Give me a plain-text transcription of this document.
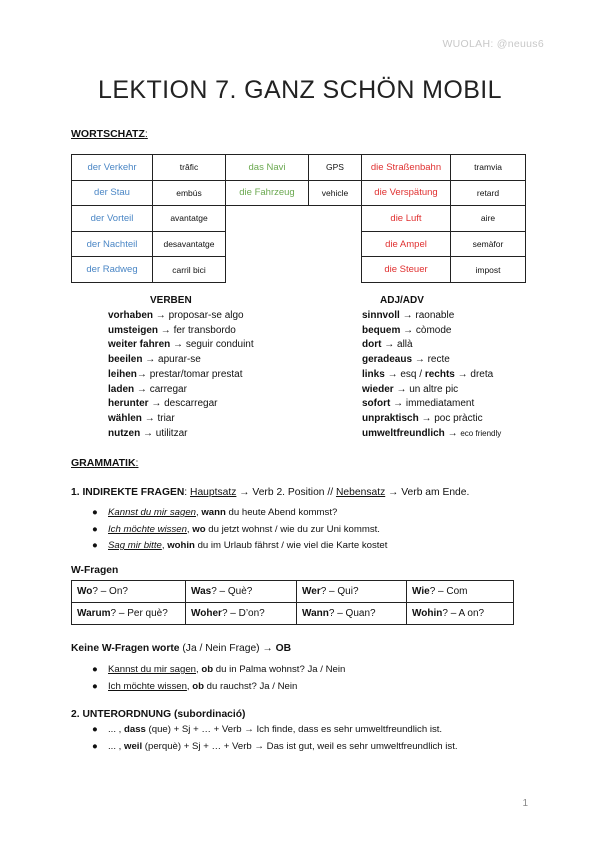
WUOLAH: @neuus6
LEKTION 7. GANZ SCHÖN MOBIL
WORTSCHATZ:
der Verkehr	trâfic	das Navi	GPS	die Straßenbahn	tramvia
der Stau	embús	die Fahrzeug	vehicle	die Verspätung	retard
der Vorteil	avantatge			die Luft	aire
der Nachteil	desavantatge			die Ampel	semàfor
der Radweg	carril bici			die Steuer	impost
VERBEN	ADJ/ADV
vorhaben → proposar-se algo
umsteigen → fer transbordo
weiter fahren → seguir conduint
beeilen → apurar-se
leihen→ prestar/tomar prestat
laden → carregar
herunter → descarregar
wählen → triar
nutzen → utilitzar
sinnvoll → raonable
bequem → còmode
dort → allà
geradeaus → recte
links → esq / rechts → dreta
wieder → un altre pic
sofort → immediatament
unpraktisch → poc pràctic
umweltfreundlich → eco friendly
GRAMMATIK:
1. INDIREKTE FRAGEN: Hauptsatz → Verb 2. Position // Nebensatz → Verb am Ende.
● Kannst du mir sagen, wann du heute Abend kommst?
● Ich möchte wissen, wo du jetzt wohnst / wie du zur Uni kommst.
● Sag mir bitte, wohin du im Urlaub fährst / wie viel die Karte kostet
W-Fragen
Wo? – On?	Was? – Què?	Wer? – Qui?	Wie? – Com
Warum? – Per què?	Woher? – D’on?	Wann? – Quan?	Wohin? – A on?
Keine W-Fragen worte (Ja / Nein Frage) → OB
● Kannst du mir sagen, ob du in Palma wohnst? Ja / Nein
● Ich möchte wissen, ob du rauchst? Ja / Nein
2. UNTERORDNUNG (subordinació)
● ... , dass (que) + Sj + … + Verb → Ich finde, dass es sehr umweltfreundlich ist.
● ... , weil (perquè) + Sj + … + Verb → Das ist gut, weil es sehr umweltfreundlich ist.
1
